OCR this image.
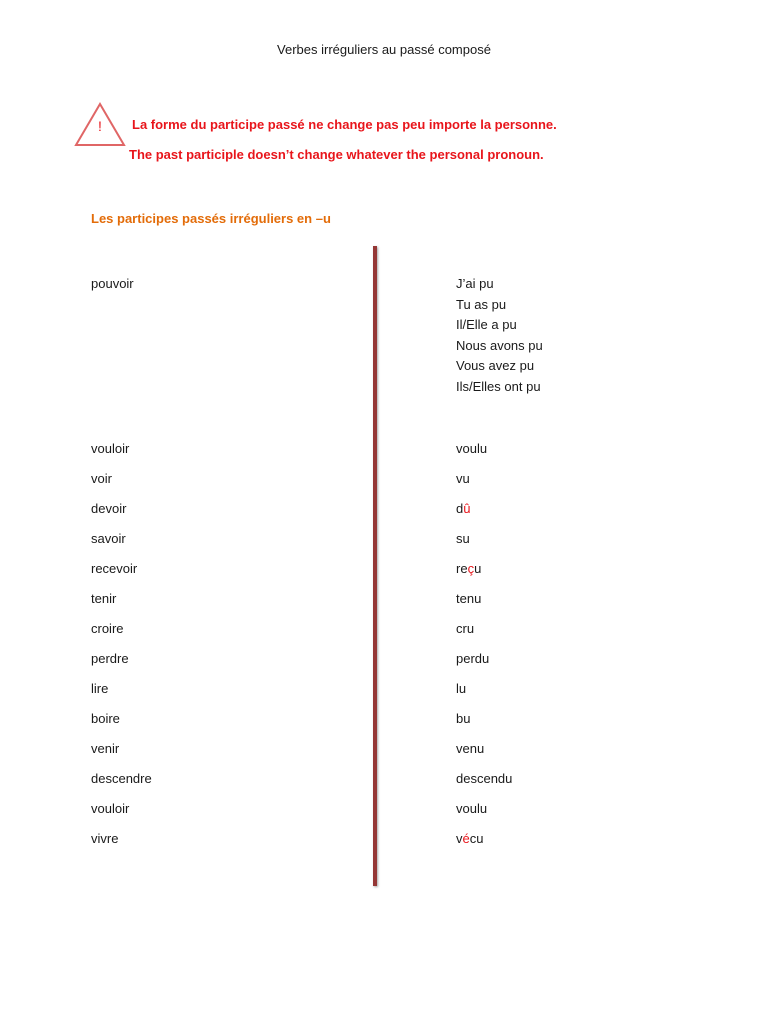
Verbes irréguliers au passé composé
! La forme du participe passé ne change pas peu importe la personne.
The past participle doesn’t change whatever the personal pronoun.
Les participes passés irréguliers en –u
pouvoir	J’ai pu
Tu as pu
Il/Elle a pu
Nous avons pu
Vous avez pu
Ils/Elles ont pu
vouloir	voulu
voir	vu
devoir	dû
savoir	su
recevoir	reçu
tenir	tenu
croire	cru
perdre	perdu
lire	lu
boire	bu
venir	venu
descendre	descendu
vouloir	voulu
vivre	vécu
